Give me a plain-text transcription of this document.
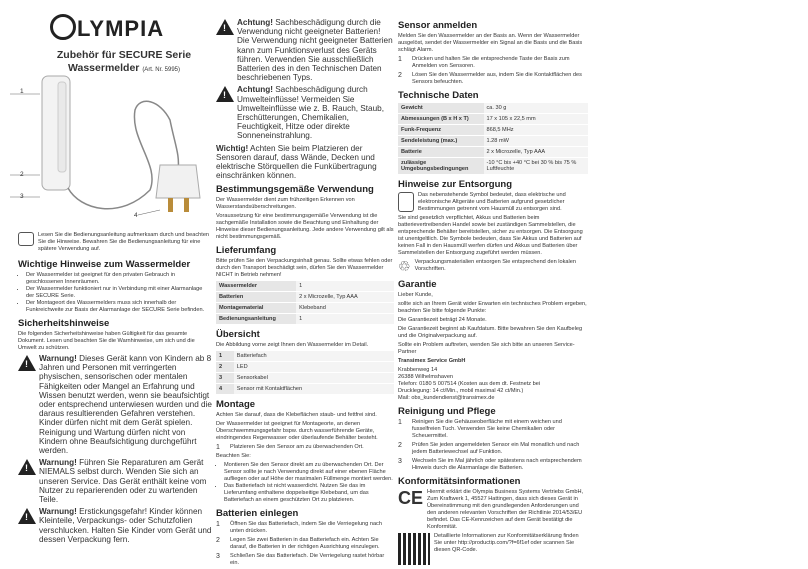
LYMPIA
Zubehör für SECURE Serie
Wassermelder (Art. Nr. 5995)
1
2
3
4

Lesen Sie die Bedienungsanleitung aufmerksam durch und beachten Sie die Hinweise. Bewahren Sie die Bedienungsanleitung für eine spätere Verwendung auf.

Wichtige Hinweise zum Wassermelder
• Der Wassermelder ist geeignet für den privaten Gebrauch in geschlossenen Innenräumen.
• Der Wassermelder funktioniert nur in Verbindung mit einer Alarmanlage der SECURE Serie.
• Der Montageort des Wassermelders muss sich innerhalb der Funkreichweite zur Basis der Alarmanlage der SECURE Serie befinden.
Sicherheitshinweise

Die folgenden Sicherheitshinweise haben Gültigkeit für das gesamte Dokument. Lesen und beachten Sie die Warnhinweise, um sich und die Umwelt zu schützen.

!

Warnung! Dieses Gerät kann von Kindern ab 8 Jahren und Personen mit verringerten physischen, sensorischen oder mentalen Fähigkeiten oder Mangel an Erfahrung und Wissen benutzt werden, wenn sie beaufsichtigt oder entsprechend unterwiesen wurden und die daraus resultierenden Gefahren verstehen. Kinder dürfen nicht mit dem Gerät spielen. Reinigung und Wartung dürfen nicht von Kindern ohne Beaufsichtigung durchgeführt werden.

!

Warnung! Führen Sie Reparaturen am Gerät NIEMALS selbst durch. Wenden Sie sich an unseren Service. Das Gerät enthält keine vom Nutzer zu reparierenden oder zu wartenden Teile.

!

Warnung! Erstickungsgefahr! Kinder können Kleinteile, Verpackungs- oder Schutzfolien verschlucken. Halten Sie Kinder vom Gerät und dessen Verpackung fern.

!

Achtung! Sachbeschädigung durch die Verwendung nicht geeigneter Batterien! Die Verwendung nicht geeigneter Batterien kann zum Funktionsverlust des Geräts führen. Verwenden Sie ausschließlich Batterien des in den Technischen Daten beschriebenen Typs.

!

Achtung! Sachbeschädigung durch Umwelteinflüsse! Vermeiden Sie Umwelteinflüsse wie z. B. Rauch, Staub, Erschütterungen, Chemikalien, Feuchtigkeit, Hitze oder direkte Sonneneinstrahlung.

Wichtig! Achten Sie beim Platzieren der Sensoren darauf, dass Wände, Decken und elektrische Störquellen die Funkübertragung einschränken können.

Bestimmungsgemäße Verwendung

Der Wassermelder dient zum frühzeitigen Erkennen von Wasserstandsüberschreitungen.

Voraussetzung für eine bestimmungsgemäße Verwendung ist die sachgemäße Installation sowie die Beachtung und Einhaltung der Hinweise dieser Bedienungsanleitung. Jede andere Verwendung gilt als nicht bestimmungsgemäß.

Lieferumfang

Bitte prüfen Sie den Verpackungsinhalt genau. Sollte etwas fehlen oder durch den Transport beschädigt sein, dürfen Sie den Wassermelder NICHT in Betrieb nehmen!

Wassermelder	1
Batterien	2 x Microzelle, Typ AAA
Montagematerial	Klebeband
Bedienungsanleitung	1
Übersicht

Die Abbildung vorne zeigt Ihnen den Wassermelder im Detail.

1	Batteriefach
2	LED
3	Sensorkabel
4	Sensor mit Kontaktflächen
Montage

Achten Sie darauf, dass die Klebeflächen staub- und fettfrei sind.

Der Wassermelder ist geeignet für Montageorte, an denen Überschwemmungsgefahr bspw. durch wasserführende Geräte, eindringendes Regenwasser oder überlaufende Behälter besteht.

1	Platzieren Sie den Sensor am zu überwachenden Ort.

Beachten Sie:

• Montieren Sie den Sensor direkt am zu überwachenden Ort. Der Sensor sollte je nach Verwendung direkt auf einer ebenen Fläche aufliegen oder auf Höhe der maximalen Füllmenge montiert werden.
• Das Batteriefach ist nicht wasserdicht. Nutzen Sie das im Lieferumfang enthaltene doppelseitige Klebeband, um das Batteriefach an einem geschützten Ort zu platzieren.
Batterien einlegen
1	Öffnen Sie das Batteriefach, indem Sie die Verriegelung nach unten drücken.
2	Legen Sie zwei Batterien in das Batteriefach ein. Achten Sie darauf, die Batterien in der richtigen Ausrichtung einzulegen.
3	Schließen Sie das Batteriefach. Die Verriegelung rastet hörbar ein.
Sensor anmelden

Melden Sie den Wassermelder an der Basis an. Wenn der Wassermelder ausgelöst, sendet der Wassermelder ein Signal an die Basis und die Basis schlägt Alarm.

1	Drücken und halten Sie die entsprechende Taste der Basis zum Anmelden von Sensoren.
2	Lösen Sie den Wassermelder aus, indem Sie die Kontaktflächen des Sensors befeuchten.
Technische Daten
Gewicht	ca. 30 g
Abmessungen (B x H x T)	17 x 105 x 22,5 mm
Funk-Frequenz	868,5 MHz
Sendeleistung (max.)	1.28 mW
Batterie	2 x Microzelle, Typ AAA
zulässige Umgebungsbedingungen	-10 °C bis +40 °C bei 30 % bis 75 % Luftfeuchte
Hinweise zur Entsorgung

Das nebenstehende Symbol bedeutet, dass elektrische und elektronische Altgeräte und Batterien aufgrund gesetzlicher Bestimmungen getrennt vom Hausmüll zu entsorgen sind.

Sie sind gesetzlich verpflichtet, Akkus und Batterien beim batterievertreibenden Handel sowie bei zuständigen Sammelstellen, die entsprechende Behälter bereitstellen, sicher zu entsorgen. Die Entsorgung ist unentgeltlich. Die Symbole bedeuten, dass Sie Akkus und Batterien auf keinen Fall in den Hausmüll werfen dürfen und Akkus und Batterien über Sammelstellen der Entsorgung zugeführt werden müssen.

♲ Verpackungsmaterialien entsorgen Sie entsprechend den lokalen Vorschriften.

Garantie

Lieber Kunde,

solltе sich an Ihrem Gerät wider Erwarten ein technisches Problem ergeben, beachten Sie bitte folgende Punkte:

Die Garantiezeit beträgt 24 Monate.

Die Garantiezeit beginnt ab Kaufdatum. Bitte bewahren Sie den Kaufbeleg und die Originalverpackung auf.

Sollte ein Problem auftreten, wenden Sie sich bitte an unseren Service-Partner

Transimex Service GmbH

Krabbenweg 14

26388 Wilhelmshaven

Telefon: 0180 5 007514 (Kosten aus dem dt. Festnetz bei

Drucklegung: 14 ct/Min., mobil maximal 42 ct/Min.)

Mail: obs_kundendienst@transimex.de

Reinigung und Pflege
1	Reinigen Sie die Gehäuseoberfläche mit einem weichen und fusselfreien Tuch. Verwenden Sie keine Chemikalien oder Scheuermittel.
2	Prüfen Sie jeden angemeldeten Sensor ein Mal monatlich und nach jedem Batteriewechsel auf Funktion.
3	Wechseln Sie im Mal jährlich oder spätestens nach entsprechendem Hinweis durch die Alarmanlage die Batterien.
Konformitätsinformationen
CE Hiermit erklärt die Olympia Business Systems Vertriebs GmbH, Zum Kraftwerk 1, 45527 Hattingen, dass sich dieses Gerät in Übereinstimmung mit den grundlegenden Anforderungen und den anderen relevanten Vorschriften der Richtlinie 2014/53/EU befindet. Das CE-Kennzeichen auf dem Gerät bestätigt die Konformität.

Detaillierte Informationen zur Konformitätserklärung finden Sie unter http://productip.com/?f=6f1ef oder scannen Sie diesen QR-Code.
